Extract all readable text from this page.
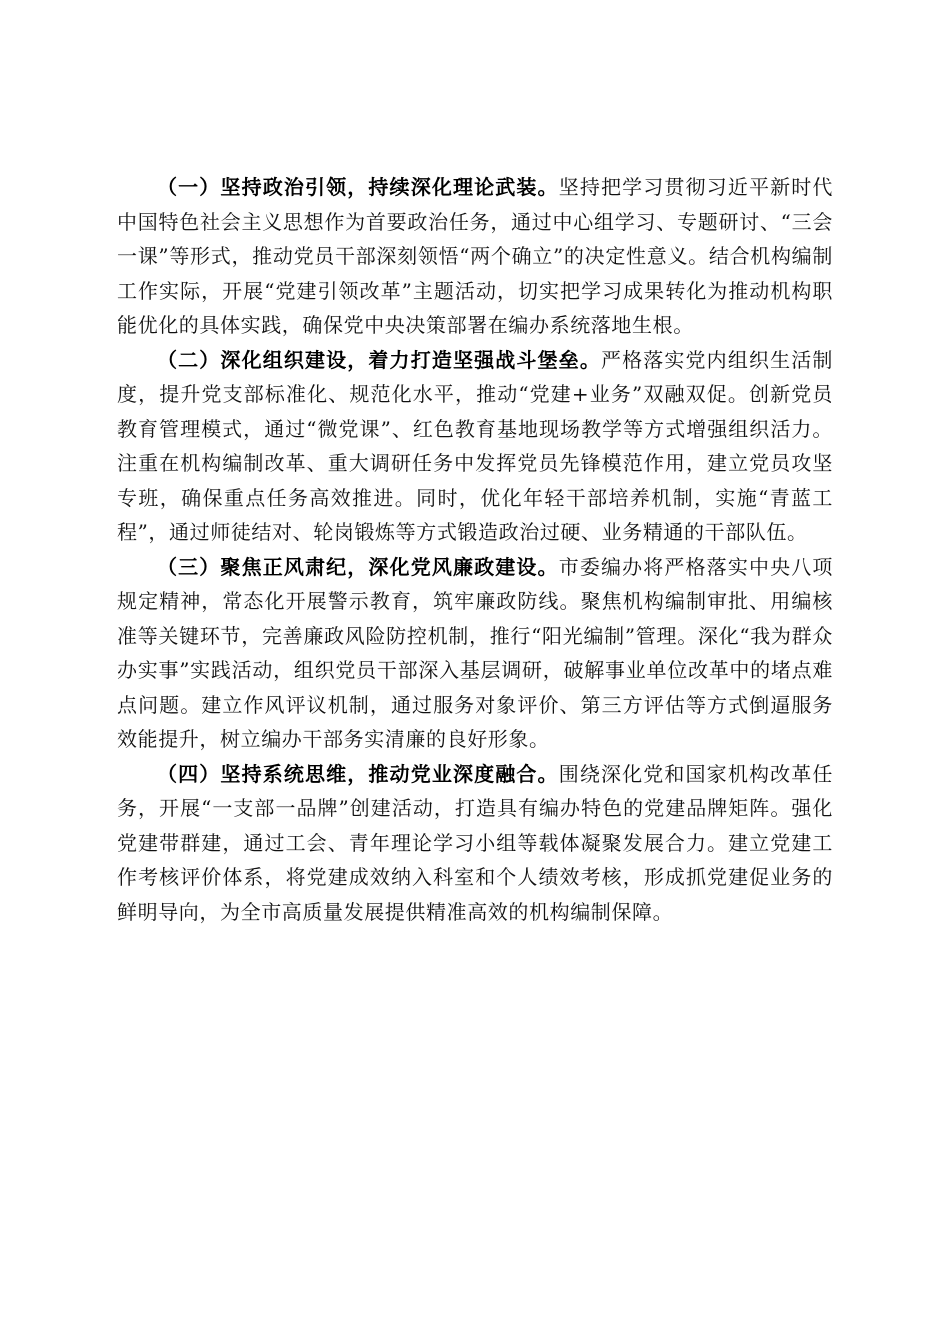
（一）坚持政治引领，持续深化理论武装。坚持把学习贯彻习近平新时代中国特色社会主义思想作为首要政治任务，通过中心组学习、专题研讨、“三会一课”等形式，推动党员干部深刻领悟“两个确立”的决定性意义。结合机构编制工作实际，开展“党建引领改革”主题活动，切实把学习成果转化为推动机构职能优化的具体实践，确保党中央决策部署在编办系统落地生根。

（二）深化组织建设，着力打造坚强战斗堡垒。严格落实党内组织生活制度，提升党支部标准化、规范化水平，推动“党建+业务”双融双促。创新党员教育管理模式，通过“微党课”、红色教育基地现场教学等方式增强组织活力。注重在机构编制改革、重大调研任务中发挥党员先锋模范作用，建立党员攻坚专班，确保重点任务高效推进。同时，优化年轻干部培养机制，实施“青蓝工程”，通过师徒结对、轮岗锻炼等方式锻造政治过硬、业务精通的干部队伍。

（三）聚焦正风肃纪，深化党风廉政建设。市委编办将严格落实中央八项规定精神，常态化开展警示教育，筑牢廉政防线。聚焦机构编制审批、用编核准等关键环节，完善廉政风险防控机制，推行“阳光编制”管理。深化“我为群众办实事”实践活动，组织党员干部深入基层调研，破解事业单位改革中的堵点难点问题。建立作风评议机制，通过服务对象评价、第三方评估等方式倒逼服务效能提升，树立编办干部务实清廉的良好形象。

（四）坚持系统思维，推动党业深度融合。围绕深化党和国家机构改革任务，开展“一支部一品牌”创建活动，打造具有编办特色的党建品牌矩阵。强化党建带群建，通过工会、青年理论学习小组等载体凝聚发展合力。建立党建工作考核评价体系，将党建成效纳入科室和个人绩效考核，形成抓党建促业务的鲜明导向，为全市高质量发展提供精准高效的机构编制保障。
